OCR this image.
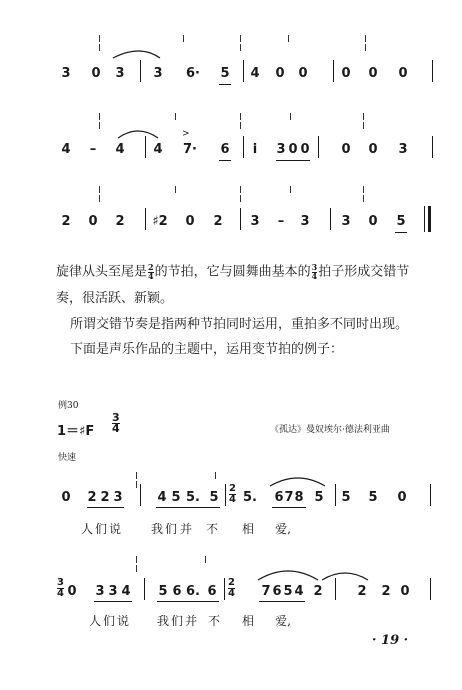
3 0 3 3 6· 5 4 0 0	0 0 0
>
4 – 4 4 7· 6 i 3 0 0 0 0 3
2 0 2 ♯2 0 2 3 – 3 3 0 5
旋律从头至尾是 $\frac{2}{4}$ 的节拍，它与圆舞曲基本的 $\frac{3}{4}$ 拍子形成交错节
奏，很活跃、新颖。
所谓交错节奏是指两种节拍同时运用，重拍多不同时出现。
下面是声乐作品的主题中，运用变节拍的例子：
例30
1＝♯F $\frac{3}{4}$	《孤达》曼奴埃尔·德法利亚曲
快速
0 2 2 3	4 5 5. $5 \frac{2}{4} 5$. 6 7 8 5 5 5 0
人 们 说 我 们 并 不 相 爱,
$\frac{3}{4} 0$ 3 3 4 5 6 6. $6 \frac{2}{4} 7$ 6 5 4 2	2 2 0
人 们 说 我 们 并 不 相 爱,
· 19 ·
